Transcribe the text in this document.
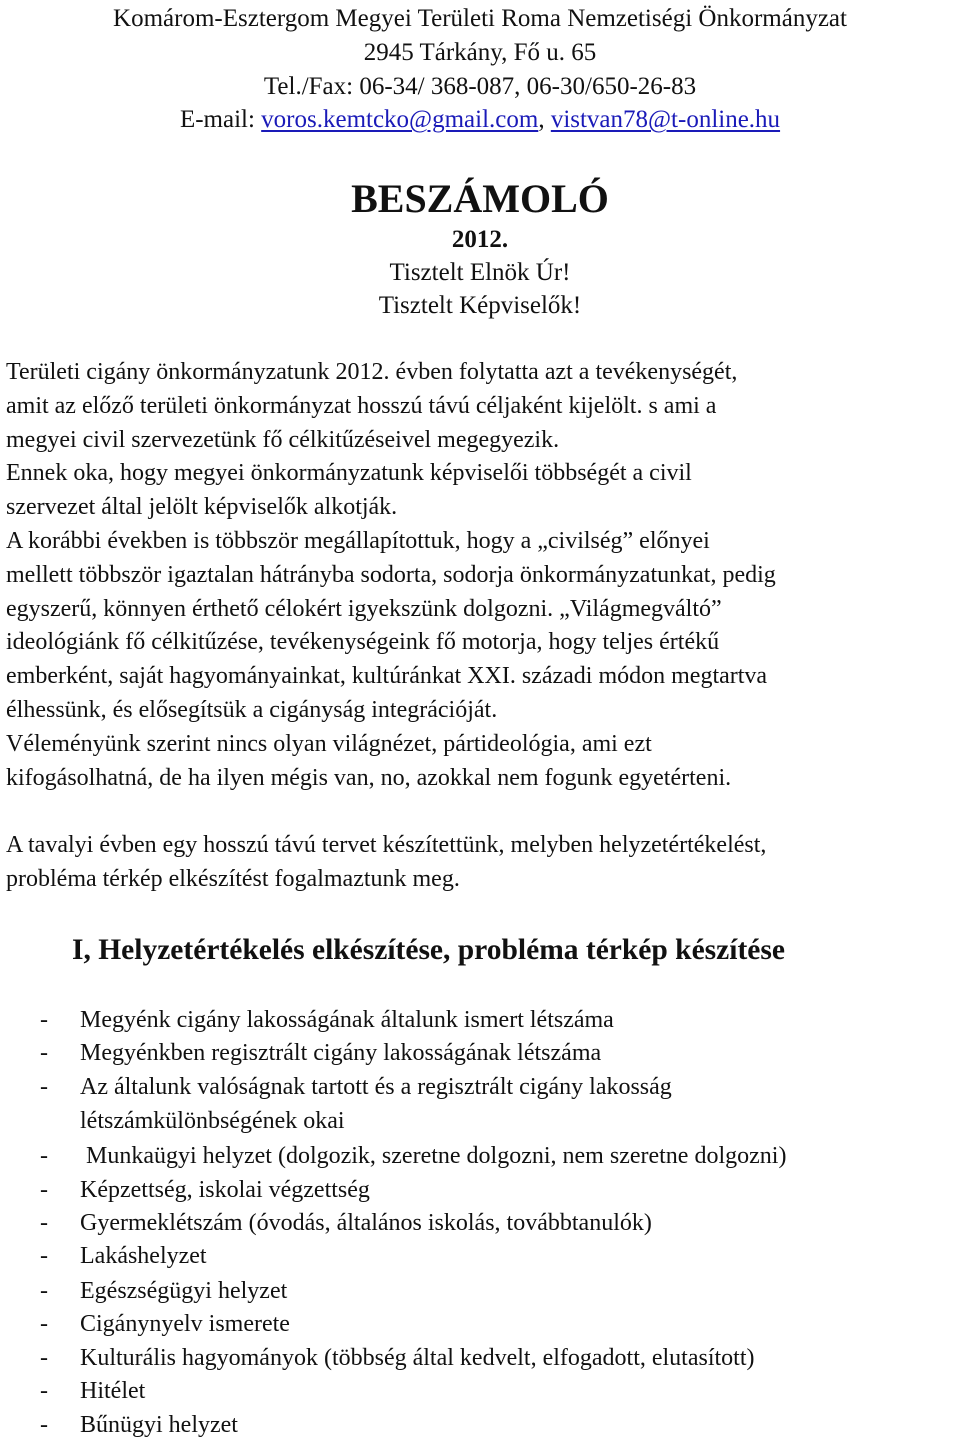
Komárom-Esztergom Megyei Területi Roma Nemzetiségi Önkormányzat
2945 Tárkány, Fő u. 65
Tel./Fax: 06-34/ 368-087, 06-30/650-26-83
E-mail: voros.kemtcko@gmail.com, vistvan78@t-online.hu
BESZÁMOLÓ
2012.
Tisztelt Elnök Úr!
Tisztelt Képviselők!
Területi cigány önkormányzatunk 2012. évben folytatta azt a tevékenységét,
amit az előző területi önkormányzat hosszú távú céljaként kijelölt. s ami a
megyei civil szervezetünk fő célkitűzéseivel megegyezik.
Ennek oka, hogy megyei önkormányzatunk képviselői többségét a civil
szervezet által jelölt képviselők alkotják.
A korábbi években is többször megállapítottuk, hogy a „civilség” előnyei
mellett többször igaztalan hátrányba sodorta, sodorja önkormányzatunkat, pedig
egyszerű, könnyen érthető célokért igyekszünk dolgozni. „Világmegváltó”
ideológiánk fő célkitűzése, tevékenységeink fő motorja, hogy teljes értékű
emberként, saját hagyományainkat, kultúránkat XXI. századi módon megtartva
élhessünk, és elősegítsük a cigányság integrációját.
Véleményünk szerint nincs olyan világnézet, pártideológia, ami ezt
kifogásolhatná, de ha ilyen mégis van, no, azokkal nem fogunk egyetérteni.
A tavalyi évben egy hosszú távú tervet készítettünk, melyben helyzetértékelést,
probléma térkép elkészítést fogalmaztunk meg.
I, Helyzetértékelés elkészítése, probléma térkép készítése
- Megyénk cigány lakosságának általunk ismert létszáma
- Megyénkben regisztrált cigány lakosságának létszáma
- Az általunk valóságnak tartott és a regisztrált cigány lakosság
létszámkülönbségének okai
- Munkaügyi helyzet (dolgozik, szeretne dolgozni, nem szeretne dolgozni)
- Képzettség, iskolai végzettség
- Gyermeklétszám (óvodás, általános iskolás, továbbtanulók)
- Lakáshelyzet
- Egészségügyi helyzet
- Cigánynyelv ismerete
- Kulturális hagyományok (többség által kedvelt, elfogadott, elutasított)
- Hitélet
- Bűnügyi helyzet
